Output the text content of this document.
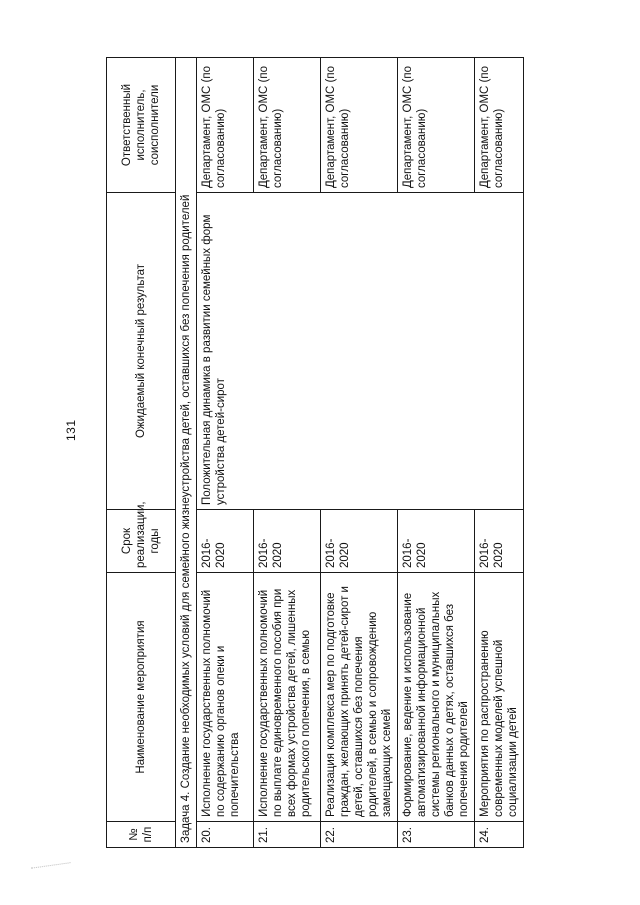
131
№ п/п	Наименование мероприятия	Срок реализации, годы	Ожидаемый конечный результат	Ответственный исполнитель, соисполнители
Задача 4. Создание необходимых условий для семейного жизнеустройства детей, оставшихся без попечения родителей				
20.	Исполнение государственных полномочий по содержанию органов опеки и попечительства	2016-2020	Положительная динамика в развитии семейных форм устройства детей-сирот	Департамент, ОМС (по согласованию)
21.	Исполнение государственных полномочий по выплате единовременного пособия при всех формах устройства детей, лишенных родительского попечения, в семью	2016-2020		Департамент, ОМС (по согласованию)
22.	Реализация комплекса мер по подготовке граждан, желающих принять детей-сирот и детей, оставшихся без попечения родителей, в семью и сопровождению замещающих семей	2016-2020		Департамент, ОМС (по согласованию)
23.	Формирование, ведение и использование автоматизированной информационной системы регионального и муниципальных банков данных о детях, оставшихся без попечения родителей	2016-2020		Департамент, ОМС (по согласованию)
24.	Мероприятия по распространению современных моделей успешной социализации детей	2016-2020		Департамент, ОМС (по согласованию)
